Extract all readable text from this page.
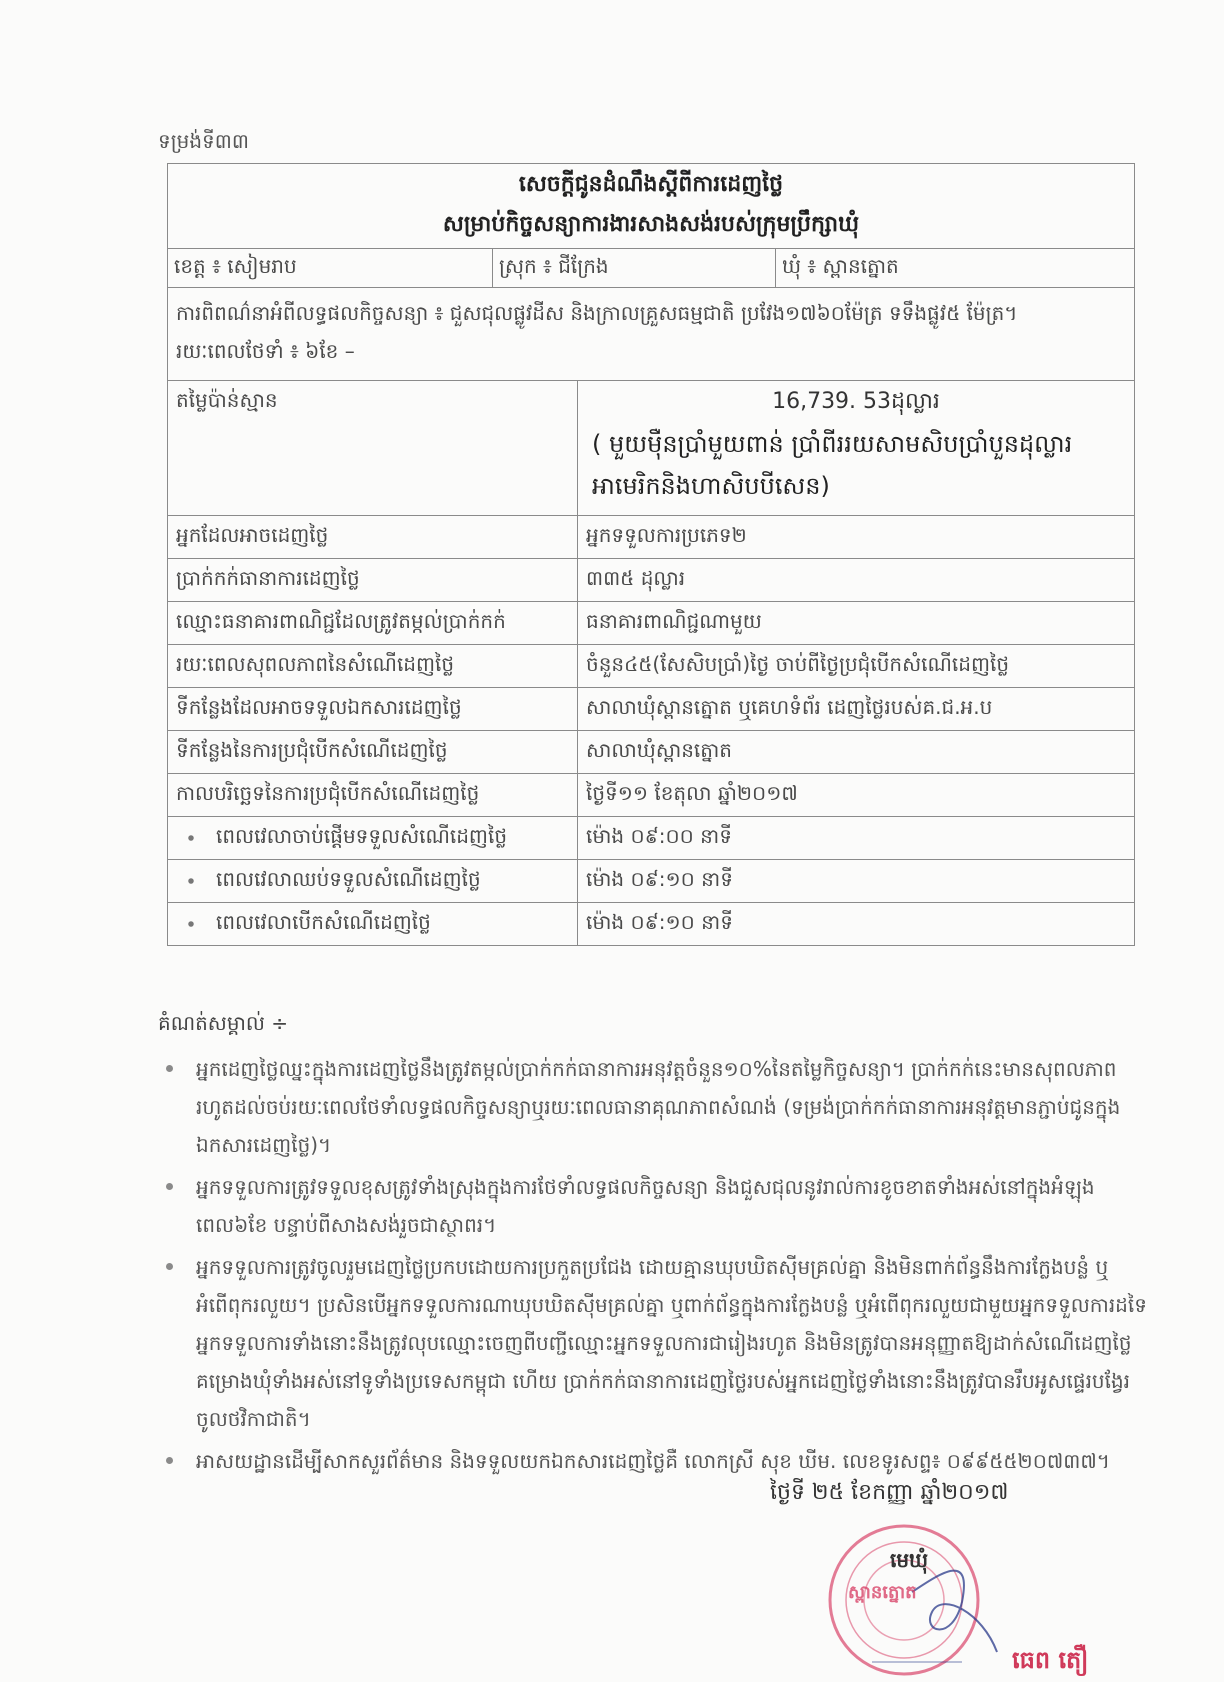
ទម្រង់ទី៣៣
សេចក្តីជូនដំណឹងស្តីពីការដេញថ្លៃ
សម្រាប់កិច្ចសន្យាការងារសាងសង់របស់ក្រុមប្រឹក្សាឃុំ
ខេត្ត ៖ សៀមរាប	ស្រុក ៖ ជីក្រែង	ឃុំ ៖ ស្ពានត្នោត
ការពិពណ៌នាអំពីលទ្ធផលកិច្ចសន្យា ៖ ជួសជុលផ្លូវដីស និងក្រាលគ្រួសធម្មជាតិ ប្រវែង១៧៦០ម៉ែត្រ ទទឹងផ្លូវ៥ ម៉ែត្រ។
រយៈពេលថែទាំ ៖ ៦ខែ –
តម្លៃប៉ាន់ស្មាន	16,739. 53ដុល្លារ
( មួយម៉ឺនប្រាំមួយពាន់ ប្រាំពីររយសាមសិបប្រាំបួនដុល្លារអាមេរិកនិងហាសិបបីសេន)
អ្នកដែលអាចដេញថ្លៃ	អ្នកទទួលការប្រភេទ២
ប្រាក់កក់ធានាការដេញថ្លៃ	៣៣៥ ដុល្លារ
ឈ្មោះធនាគារពាណិជ្ជដែលត្រូវតម្កល់ប្រាក់កក់	ធនាគារពាណិជ្ជណាមួយ
រយៈពេលសុពលភាពនៃសំណើដេញថ្លៃ	ចំនួន៤៥(សែសិបប្រាំ)ថ្ងៃ ចាប់ពីថ្ងៃប្រជុំបើកសំណើដេញថ្លៃ
ទីកន្លែងដែលអាចទទួលឯកសារដេញថ្លៃ	សាលាឃុំស្ពានត្នោត ឬគេហទំព័រ ដេញថ្លៃរបស់គ.ជ.អ.ប
ទីកន្លែងនៃការប្រជុំបើកសំណើដេញថ្លៃ	សាលាឃុំស្ពានត្នោត
កាលបរិច្ឆេទនៃការប្រជុំបើកសំណើដេញថ្លៃ	ថ្ងៃទី១១ ខែតុលា ឆ្នាំ២០១៧
ពេលវេលាចាប់ផ្តើមទទួលសំណើដេញថ្លៃ	ម៉ោង ០៩:០០ នាទី
ពេលវេលាឈប់ទទួលសំណើដេញថ្លៃ	ម៉ោង ០៩:១០ នាទី
ពេលវេលាបើកសំណើដេញថ្លៃ	ម៉ោង ០៩:១០ នាទី
គំណត់សម្គាល់ ÷
អ្នកដេញថ្លៃឈ្នះក្នុងការដេញថ្លៃនឹងត្រូវតម្កល់ប្រាក់កក់ធានាការអនុវត្តចំនួន១០%នៃតម្លៃកិច្ចសន្យា។ ប្រាក់កក់នេះមានសុពលភាពរហូតដល់ចប់រយៈពេលថែទាំលទ្ធផលកិច្ចសន្យាឬរយៈពេលធានាគុណភាពសំណង់ (ទម្រង់ប្រាក់កក់ធានាការអនុវត្តមានភ្ជាប់ជូនក្នុងឯកសារដេញថ្លៃ)។
អ្នកទទួលការត្រូវទទួលខុសត្រូវទាំងស្រុងក្នុងការថែទាំលទ្ធផលកិច្ចសន្យា និងជួសជុលនូវរាល់ការខូចខាតទាំងអស់នៅក្នុងអំឡុងពេល៦ខែ បន្ទាប់ពីសាងសង់រួចជាស្ថាពរ។
អ្នកទទួលការត្រូវចូលរួមដេញថ្លៃប្រកបដោយការប្រកួតប្រជែង ដោយគ្មានឃុបឃិតស៊ីមគ្រល់គ្នា និងមិនពាក់ព័ន្ធនឹងការក្លែងបន្លំ ឬអំពើពុករលួយ។ ប្រសិនបើអ្នកទទួលការណាឃុបឃិតស៊ីមគ្រល់គ្នា ឬពាក់ព័ន្ធក្នុងការក្លែងបន្លំ ឬអំពើពុករលួយជាមួយអ្នកទទួលការដទៃ អ្នកទទួលការទាំងនោះនឹងត្រូវលុបឈ្មោះចេញពីបញ្ជីឈ្មោះអ្នកទទួលការជារៀងរហូត និងមិនត្រូវបានអនុញ្ញាតឱ្យដាក់សំណើដេញថ្លៃគម្រោងឃុំទាំងអស់នៅទូទាំងប្រទេសកម្ពុជា ហើយ ប្រាក់កក់ធានាការដេញថ្លៃរបស់អ្នកដេញថ្លៃទាំងនោះនឹងត្រូវបានរឹបអូសផ្ទេរបង្វែរចូលថវិកាជាតិ។
អាសយដ្ឋានដើម្បីសាកសួរព័ត៌មាន និងទទួលយកឯកសារដេញថ្លៃគឺ លោកស្រី សុខ ឃីម. លេខទូរសព្ទ៖ ០៩៩៥៥២០៧៣៧។
ថ្ងៃទី ២៥ ខែកញ្ញា ឆ្នាំ២០១៧
មេឃុំ
ស្ពានត្នោត
ធេព តឿ
